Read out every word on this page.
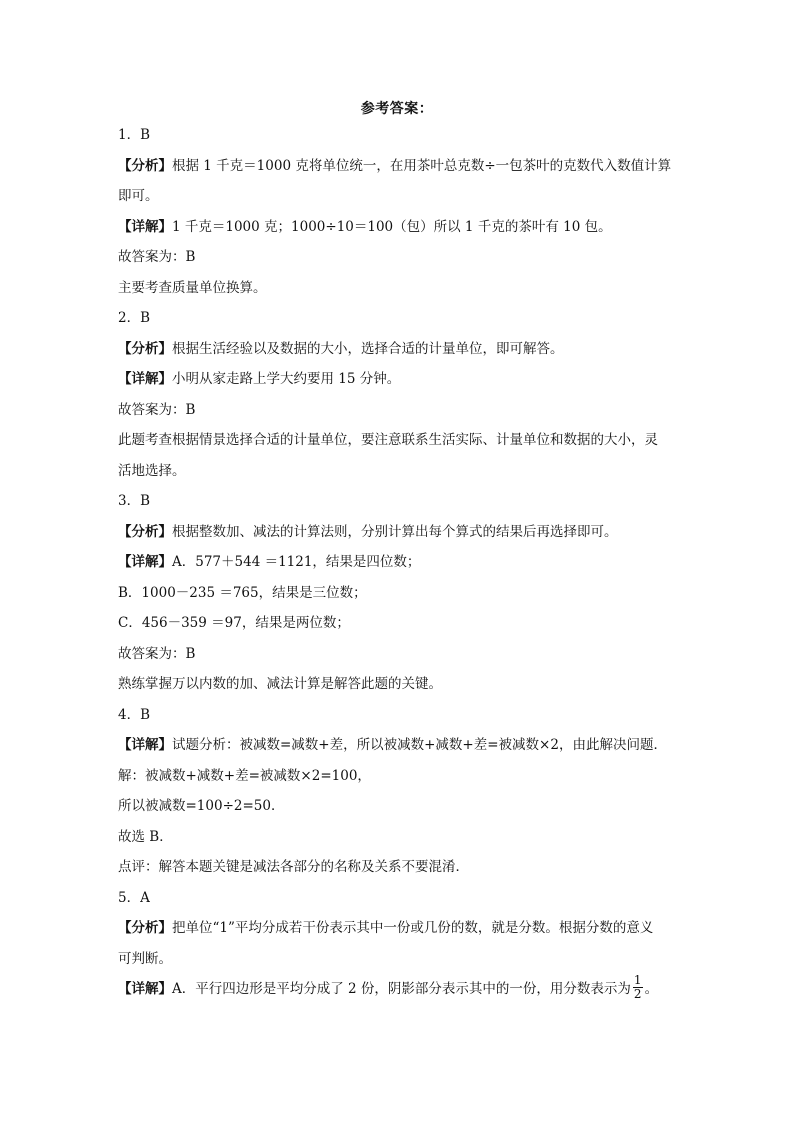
参考答案：
1．B
【分析】根据 1 千克＝1000 克将单位统一，在用茶叶总克数÷一包茶叶的克数代入数值计算
即可。
【详解】1 千克＝1000 克；1000÷10＝100（包）所以 1 千克的茶叶有 10 包。
故答案为：B
主要考查质量单位换算。
2．B
【分析】根据生活经验以及数据的大小，选择合适的计量单位，即可解答。
【详解】小明从家走路上学大约要用 15 分钟。
故答案为：B
此题考查根据情景选择合适的计量单位，要注意联系生活实际、计量单位和数据的大小，灵
活地选择。
3．B
【分析】根据整数加、减法的计算法则，分别计算出每个算式的结果后再选择即可。
【详解】A．577＋544 ＝1121，结果是四位数；
B．1000－235 ＝765，结果是三位数；
C．456－359 ＝97，结果是两位数；
故答案为：B
熟练掌握万以内数的加、减法计算是解答此题的关键。
4．B
【详解】试题分析：被减数=减数+差，所以被减数+减数+差=被减数×2，由此解决问题．
解：被减数+减数+差=被减数×2=100，
所以被减数=100÷2=50．
故选 B．
点评：解答本题关键是减法各部分的名称及关系不要混淆．
5．A
【分析】把单位“1”平均分成若干份表示其中一份或几份的数，就是分数。根据分数的意义
可判断。
【详解】A．平行四边形是平均分成了 2 份，阴影部分表示其中的一份，用分数表示为 $\frac{1}{2}$ 。
